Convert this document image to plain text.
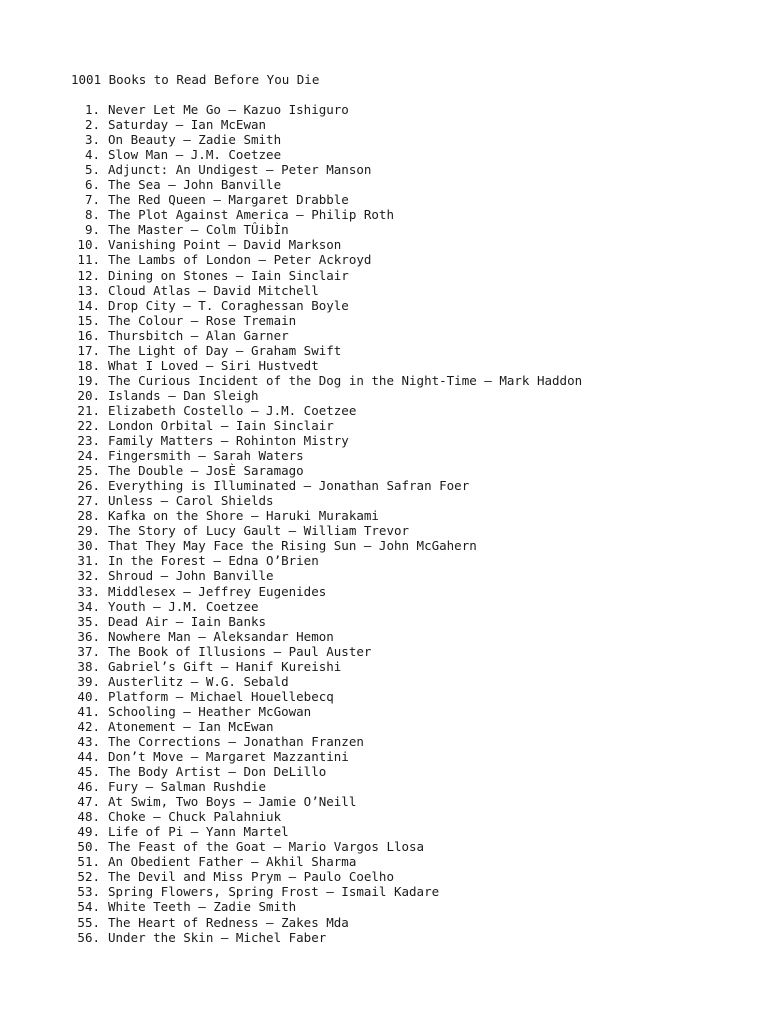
1001 Books to Read Before You Die
1. Never Let Me Go – Kazuo Ishiguro
2. Saturday – Ian McEwan
3. On Beauty – Zadie Smith
4. Slow Man – J.M. Coetzee
5. Adjunct: An Undigest – Peter Manson
6. The Sea – John Banville
7. The Red Queen – Margaret Drabble
8. The Plot Against America – Philip Roth
9. The Master – Colm TÛibÌn
10. Vanishing Point – David Markson
11. The Lambs of London – Peter Ackroyd
12. Dining on Stones – Iain Sinclair
13. Cloud Atlas – David Mitchell
14. Drop City – T. Coraghessan Boyle
15. The Colour – Rose Tremain
16. Thursbitch – Alan Garner
17. The Light of Day – Graham Swift
18. What I Loved – Siri Hustvedt
19. The Curious Incident of the Dog in the Night-Time – Mark Haddon
20. Islands – Dan Sleigh
21. Elizabeth Costello – J.M. Coetzee
22. London Orbital – Iain Sinclair
23. Family Matters – Rohinton Mistry
24. Fingersmith – Sarah Waters
25. The Double – JosÈ Saramago
26. Everything is Illuminated – Jonathan Safran Foer
27. Unless – Carol Shields
28. Kafka on the Shore – Haruki Murakami
29. The Story of Lucy Gault – William Trevor
30. That They May Face the Rising Sun – John McGahern
31. In the Forest – Edna O’Brien
32. Shroud – John Banville
33. Middlesex – Jeffrey Eugenides
34. Youth – J.M. Coetzee
35. Dead Air – Iain Banks
36. Nowhere Man – Aleksandar Hemon
37. The Book of Illusions – Paul Auster
38. Gabriel’s Gift – Hanif Kureishi
39. Austerlitz – W.G. Sebald
40. Platform – Michael Houellebecq
41. Schooling – Heather McGowan
42. Atonement – Ian McEwan
43. The Corrections – Jonathan Franzen
44. Don’t Move – Margaret Mazzantini
45. The Body Artist – Don DeLillo
46. Fury – Salman Rushdie
47. At Swim, Two Boys – Jamie O’Neill
48. Choke – Chuck Palahniuk
49. Life of Pi – Yann Martel
50. The Feast of the Goat – Mario Vargos Llosa
51. An Obedient Father – Akhil Sharma
52. The Devil and Miss Prym – Paulo Coelho
53. Spring Flowers, Spring Frost – Ismail Kadare
54. White Teeth – Zadie Smith
55. The Heart of Redness – Zakes Mda
56. Under the Skin – Michel Faber
